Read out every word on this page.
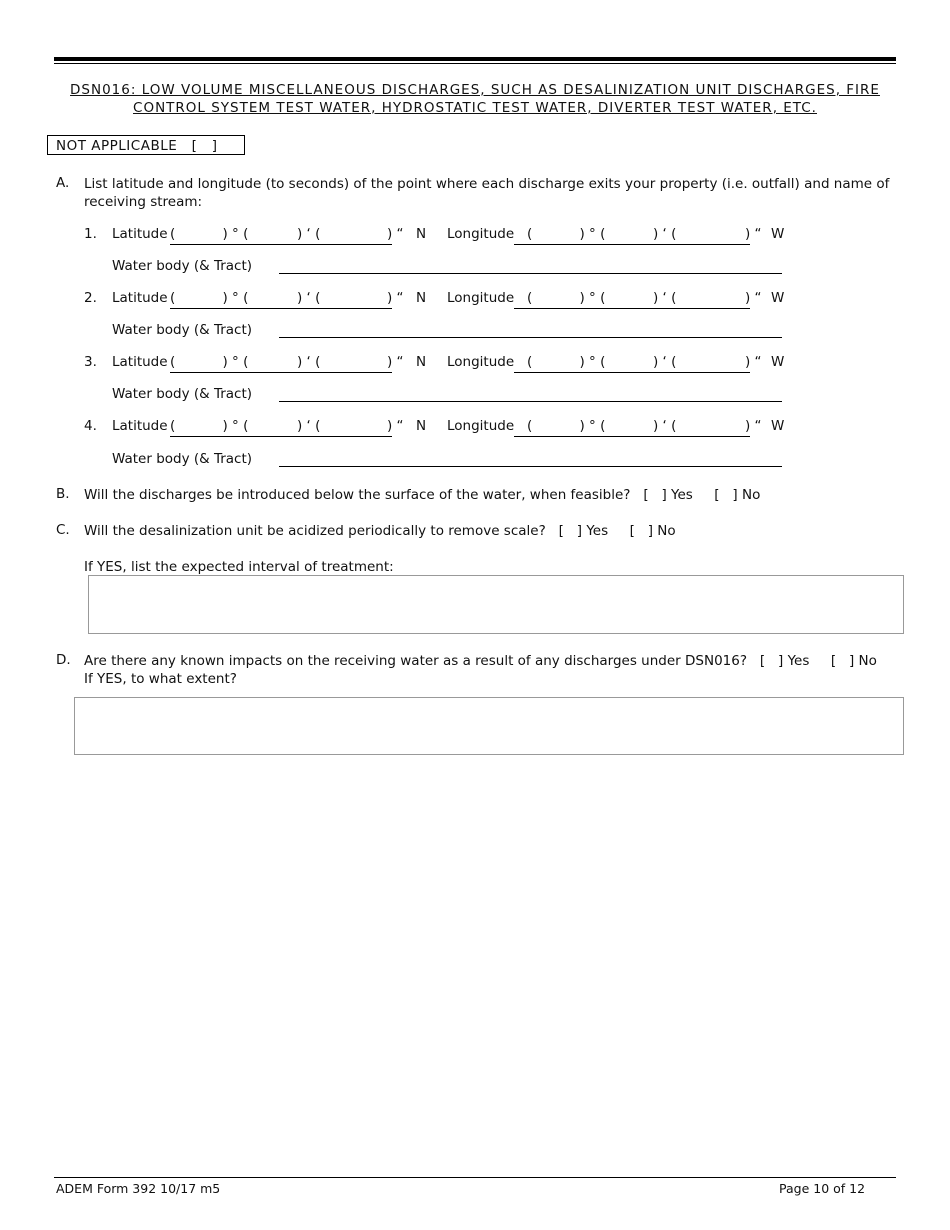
DSN016: LOW VOLUME MISCELLANEOUS DISCHARGES, SUCH AS DESALINIZATION UNIT DISCHARGES, FIRE
CONTROL SYSTEM TEST WATER, HYDROSTATIC TEST WATER, DIVERTER TEST WATER, ETC.
NOT APPLICABLE   [   ]
A. List latitude and longitude (to seconds) of the point where each discharge exits your property (i.e. outfall) and name of
receiving stream:
1. Latitude (           ) ° (	) ‘ (	) “ N Longitude (           ) ° (	) ‘ (	) “ W
Water body (& Tract)
2. Latitude (           ) ° (	) ‘ (	) “ N Longitude (           ) ° (	) ‘ (	) “ W
Water body (& Tract)
3. Latitude (           ) ° (	) ‘ (	) “ N Longitude (           ) ° (	) ‘ (	) “ W
Water body (& Tract)
4. Latitude (           ) ° (	) ‘ (	) “ N Longitude (           ) ° (	) ‘ (	) “ W
Water body (& Tract)
B. Will the discharges be introduced below the surface of the water, when feasible?   [   ] Yes     [   ] No
C. Will the desalinization unit be acidized periodically to remove scale?   [   ] Yes     [   ] No
If YES, list the expected interval of treatment:
D. Are there any known impacts on the receiving water as a result of any discharges under DSN016?   [   ] Yes     [   ] No
If YES, to what extent?
ADEM Form 392 10/17 m5	Page 10 of 12
